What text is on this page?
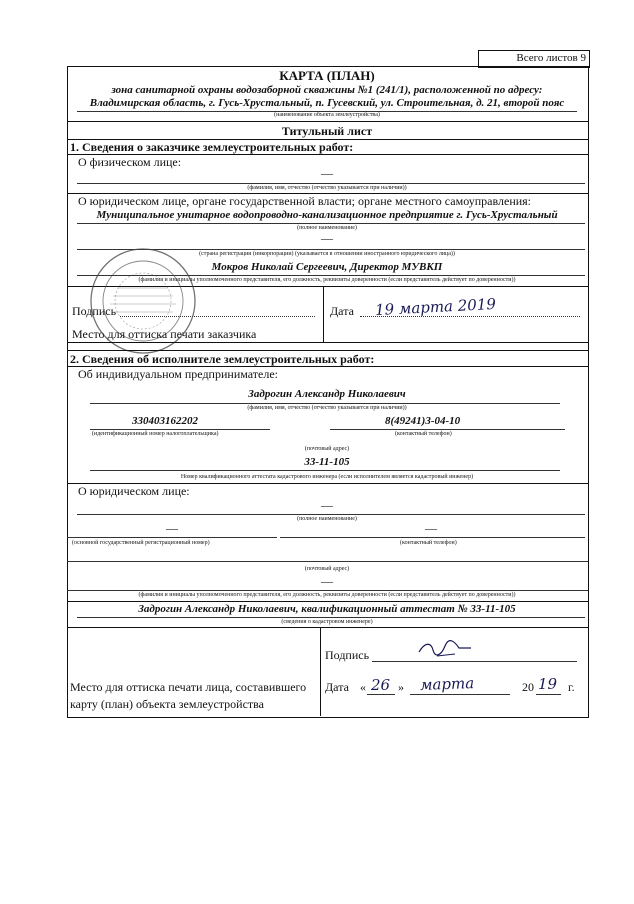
Всего листов 9
КАРТА (ПЛАН)
зона санитарной охраны водозаборной скважины №1 (241/1), расположенной по адресу:
Владимирская область, г. Гусь-Хрустальный, п. Гусевский, ул. Строительная, д. 21, второй пояс
(наименование объекта землеустройства)
Титульный лист
1. Сведения о заказчике землеустроительных работ:
О физическом лице:
—
(фамилия, имя, отчество (отчество указывается при наличии))
О юридическом лице, органе государственной власти; органе местного самоуправления:
Муниципальное унитарное водопроводно-канализационное предприятие г. Гусь-Хрустальный
(полное наименование)
—
(страна регистрации (инкорпорации) (указывается в отношении иностранного юридического лица))
Мокров Николай Сергеевич, Директор МУВКП
(фамилия и инициалы уполномоченного представителя, его должность, реквизиты доверенности (если представитель действует по доверенности))
Подпись	Дата 19 марта 2019
Место для оттиска печати заказчика
2. Сведения об исполнителе землеустроительных работ:
Об индивидуальном предпринимателе:
Задрогин Александр Николаевич
(фамилия, имя, отчество (отчество указывается при наличии))
330403162202
(идентификационный номер налогоплательщика)
8(49241)3-04-10
(контактный телефон)
(почтовый адрес)
33-11-105
Номер квалификационного аттестата кадастрового инженера (если исполнителем является кадастровый инженер)
О юридическом лице:
—
(полное наименование)
—
(основной государственный регистрационный номер)
—
(контактный телефон)
(почтовый адрес)
—
(фамилия и инициалы уполномоченного представителя, его должность, реквизиты доверенности (если представитель действует по доверенности))
Задрогин Александр Николаевич, квалификационный аттестат № 33-11-105
(сведения о кадастровом инженере)
Подпись
Дата « 26 » марта	20 19 г.
Место для оттиска печати лица, составившего
карту (план) объекта землеустройства
